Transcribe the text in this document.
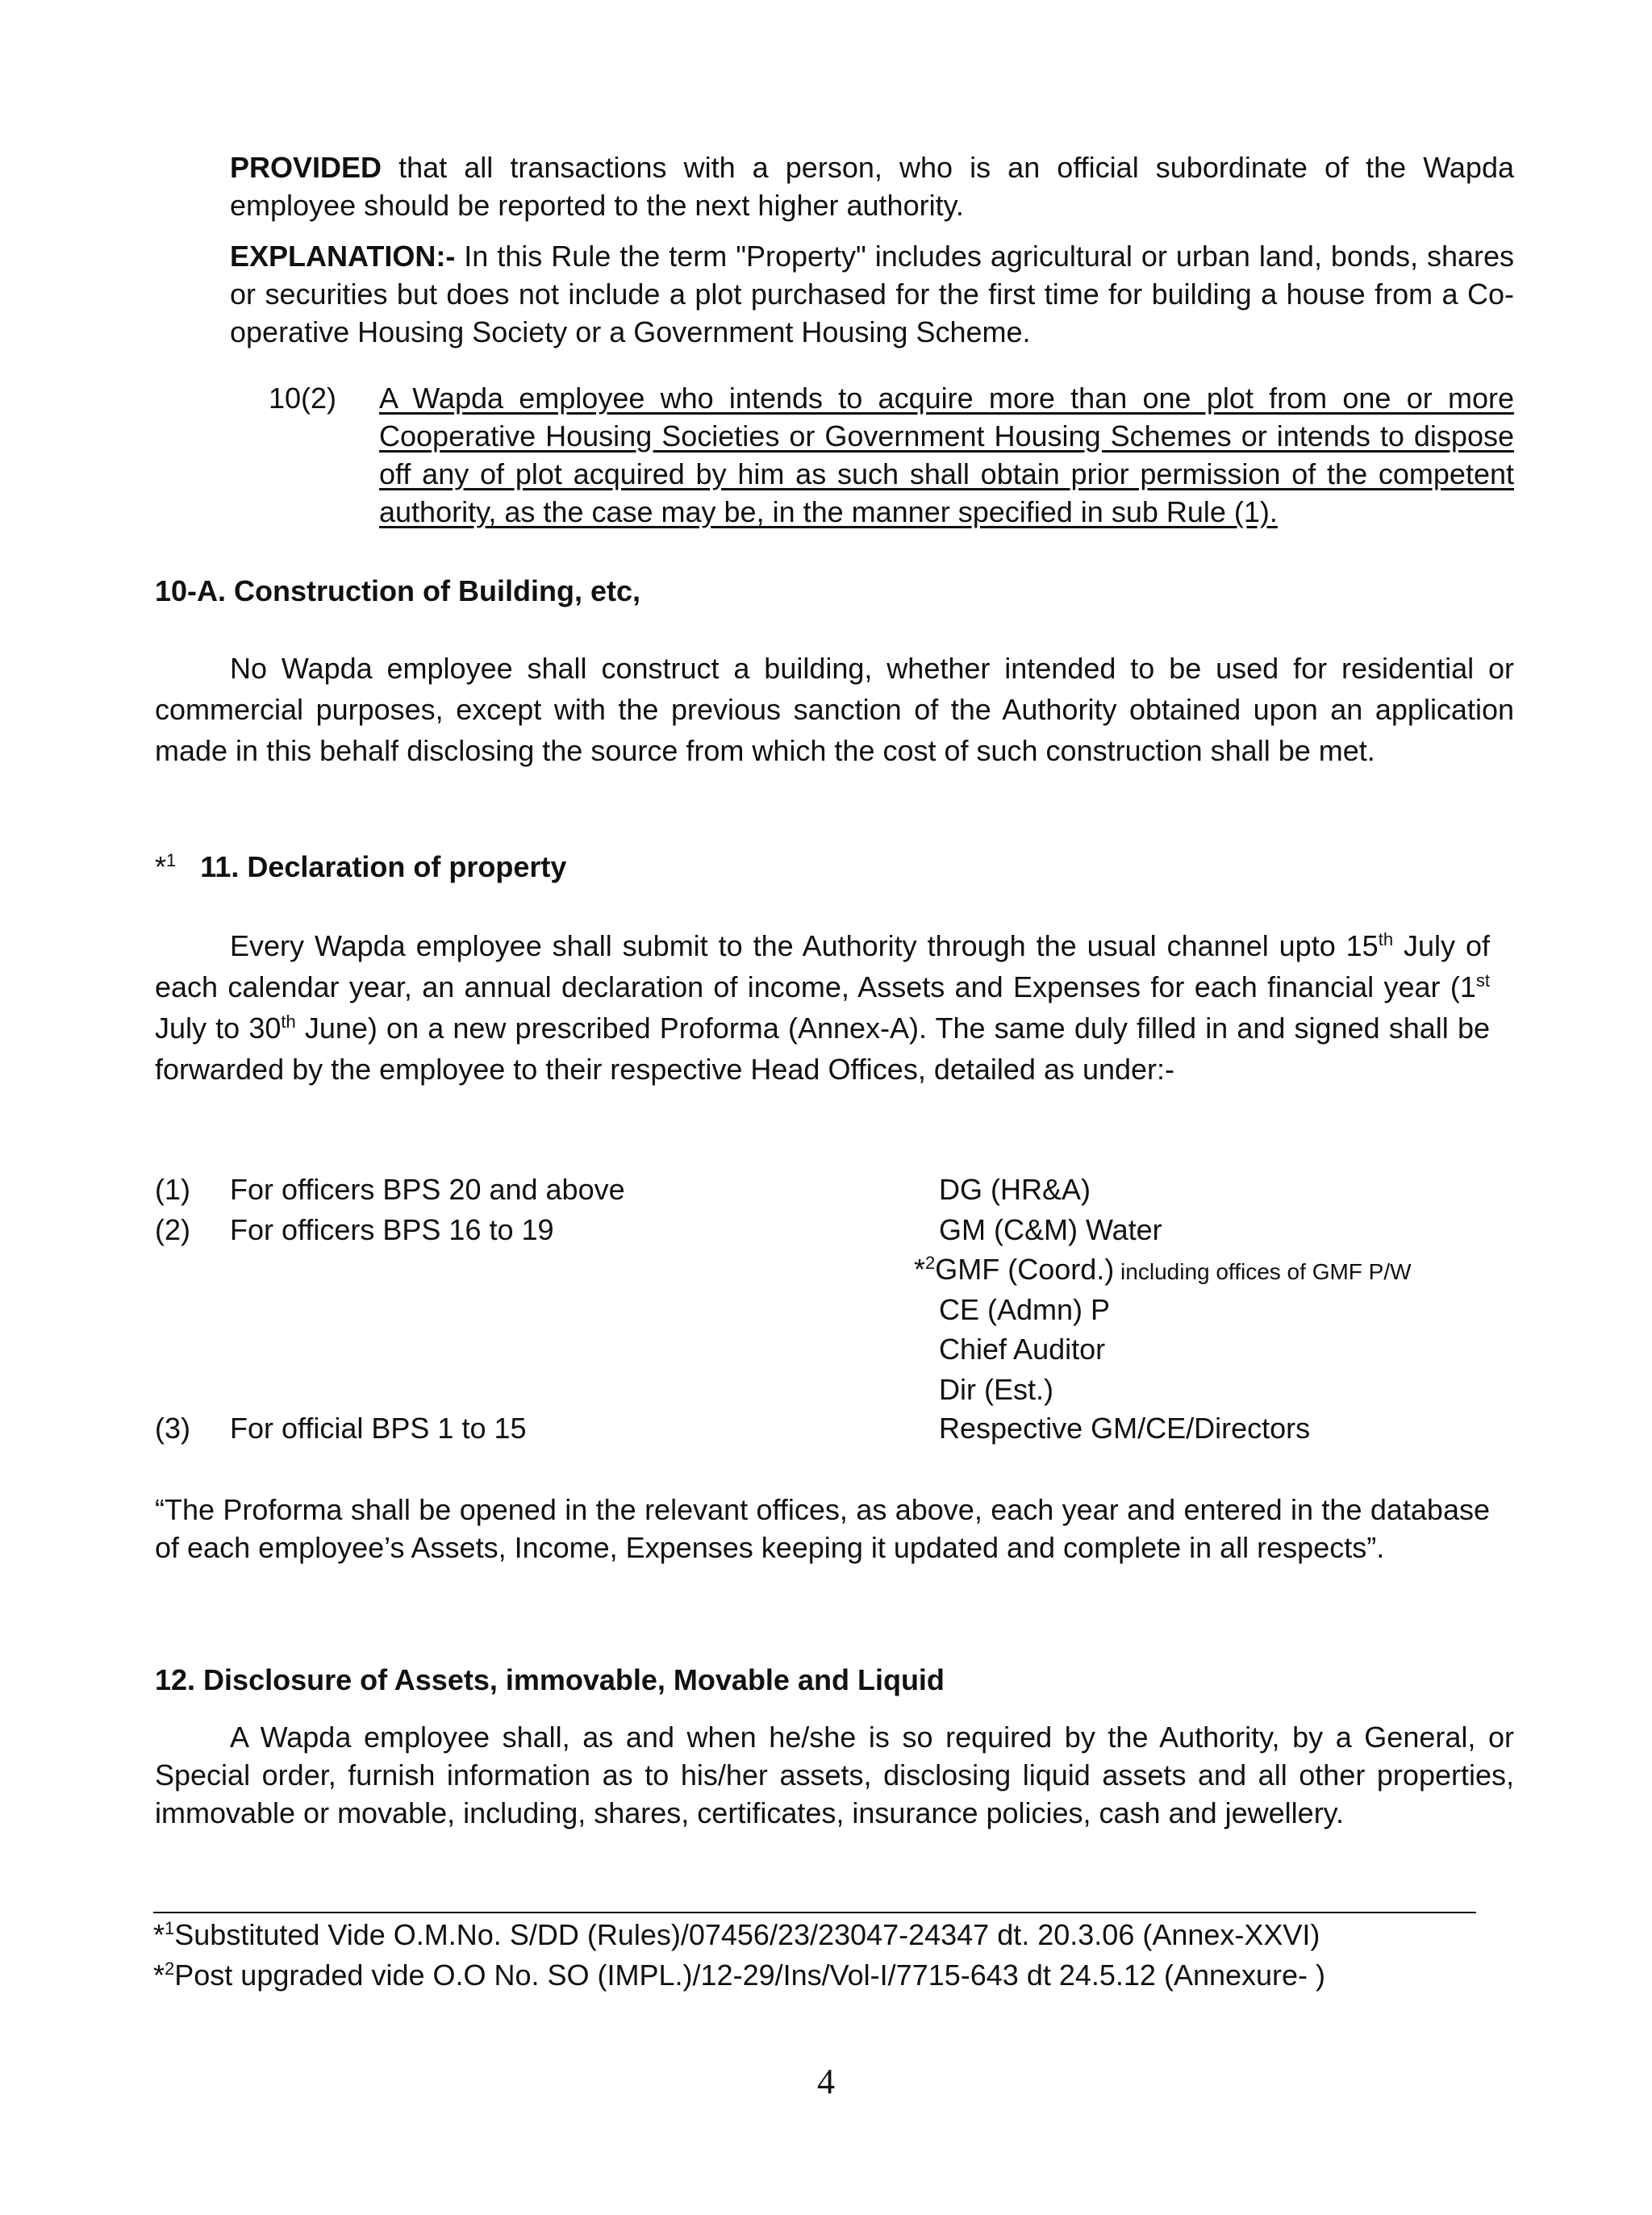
PROVIDED that all transactions with a person, who is an official subordinate of the Wapda employee should be reported to the next higher authority.

EXPLANATION:- In this Rule the term "Property" includes agricultural or urban land, bonds, shares or securities but does not include a plot purchased for the first time for building a house from a Co-operative Housing Society or a Government Housing Scheme.

10(2) A Wapda employee who intends to acquire more than one plot from one or more Cooperative Housing Societies or Government Housing Schemes or intends to dispose off any of plot acquired by him as such shall obtain prior permission of the competent authority, as the case may be, in the manner specified in sub Rule (1).

10-A. Construction of Building, etc,

No Wapda employee shall construct a building, whether intended to be used for residential or commercial purposes, except with the previous sanction of the Authority obtained upon an application made in this behalf disclosing the source from which the cost of such construction shall be met.

*$^1$ 11. Declaration of property

Every Wapda employee shall submit to the Authority through the usual channel upto 15th July of each calendar year, an annual declaration of income, Assets and Expenses for each financial year (1st July to 30th June) on a new prescribed Proforma (Annex-A). The same duly filled in and signed shall be forwarded by the employee to their respective Head Offices, detailed as under:-

(1) For officers BPS 20 and above	DG (HR&A)
(2) For officers BPS 16 to 19	GM (C&M) Water
*$^2$GMF (Coord.) including offices of GMF P/W
CE (Admn) P
Chief Auditor
Dir (Est.)
(3) For official BPS 1 to 15	Respective GM/CE/Directors

“The Proforma shall be opened in the relevant offices, as above, each year and entered in the database of each employee’s Assets, Income, Expenses keeping it updated and complete in all respects”.

12. Disclosure of Assets, immovable, Movable and Liquid

A Wapda employee shall, as and when he/she is so required by the Authority, by a General, or Special order, furnish information as to his/her assets, disclosing liquid assets and all other properties, immovable or movable, including, shares, certificates, insurance policies, cash and jewellery.

*$^1$Substituted Vide O.M.No. S/DD (Rules)/07456/23/23047-24347 dt. 20.3.06 (Annex-XXVI)
*$^2$Post upgraded vide O.O No. SO (IMPL.)/12-29/Ins/Vol-I/7715-643 dt 24.5.12 (Annexure- )
4
